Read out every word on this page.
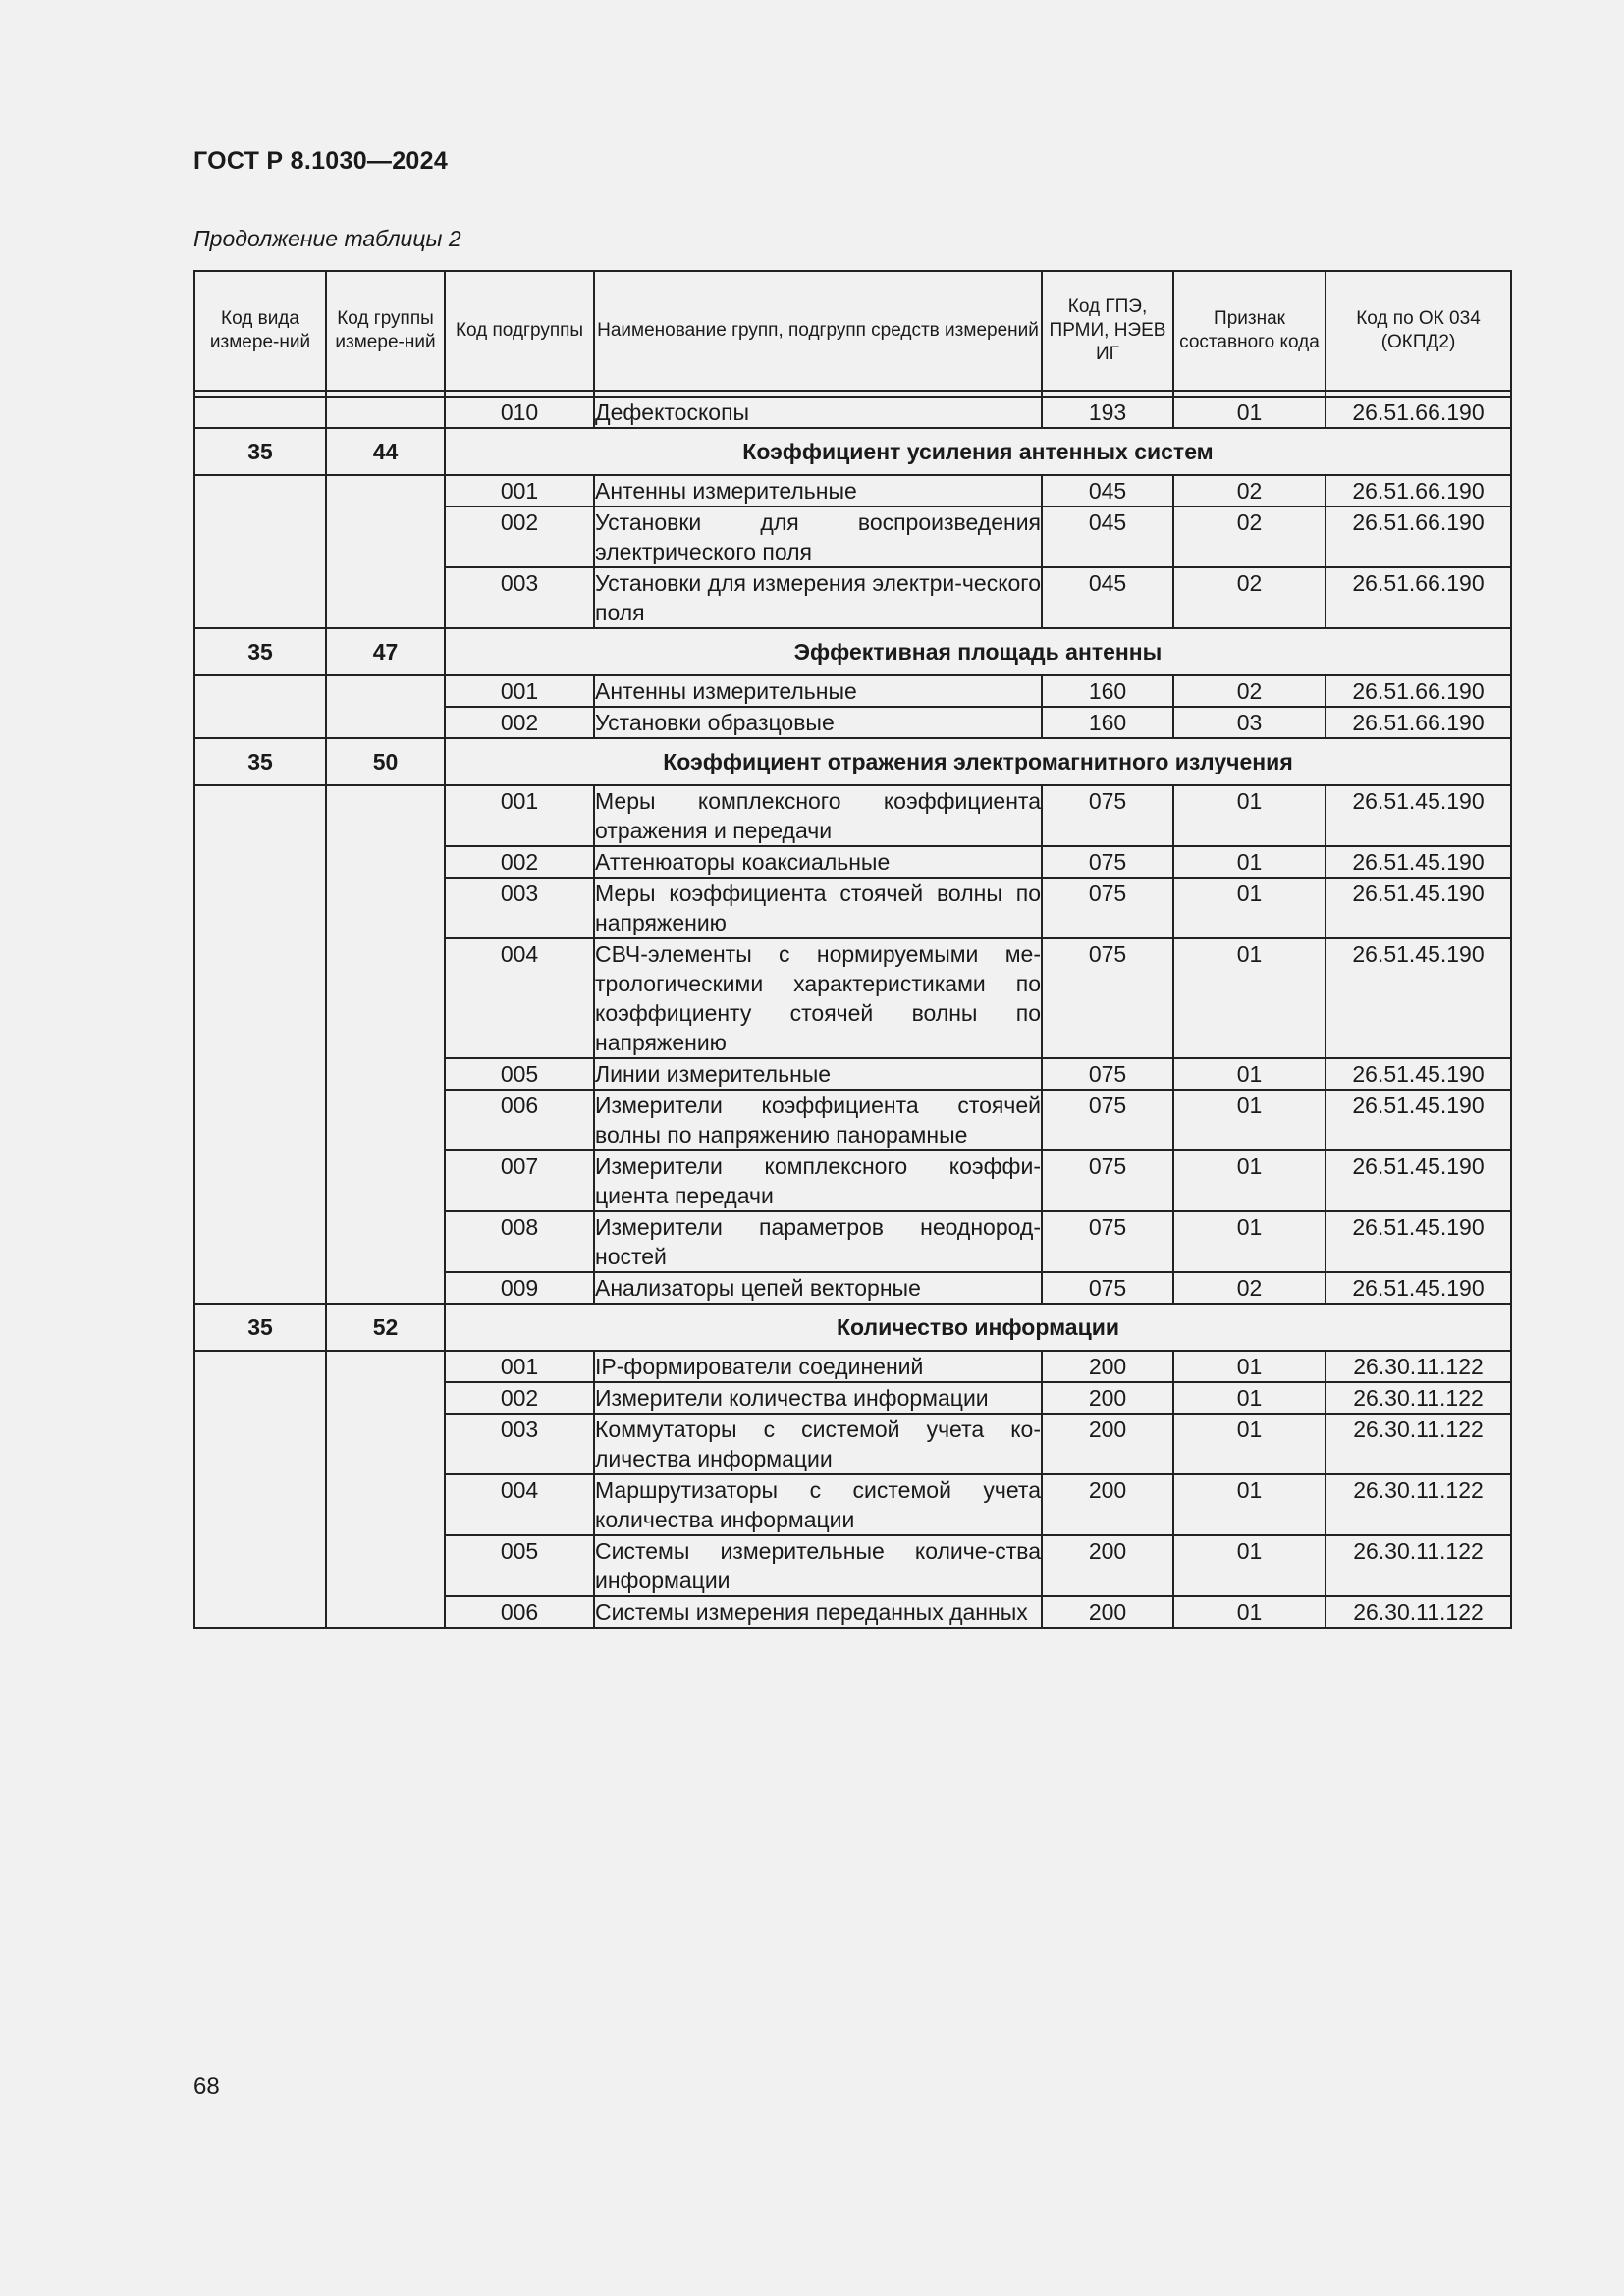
ГОСТ Р 8.1030—2024
Продолжение таблицы 2
Код вида измере-ний	Код группы измере-ний	Код подгруппы	Наименование групп, подгрупп средств измерений	Код ГПЭ, ПРМИ, НЭЕВ ИГ	Признак составного кода	Код по ОК 034 (ОКПД2)

		010	Дефектоскопы	193	01	26.51.66.190
35	44	Коэффициент усиления антенных систем				
		001	Антенны измерительные	045	02	26.51.66.190
		002	Установки для воспроизведения электрического поля	045	02	26.51.66.190
		003	Установки для измерения электри-ческого поля	045	02	26.51.66.190
35	47	Эффективная площадь антенны				
		001	Антенны измерительные	160	02	26.51.66.190
		002	Установки образцовые	160	03	26.51.66.190
35	50	Коэффициент отражения электромагнитного излучения				
		001	Меры комплексного коэффициента отражения и передачи	075	01	26.51.45.190
		002	Аттенюаторы коаксиальные	075	01	26.51.45.190
		003	Меры коэффициента стоячей волны по напряжению	075	01	26.51.45.190
		004	СВЧ-элементы с нормируемыми ме-трологическими характеристиками по коэффициенту стоячей волны по напряжению	075	01	26.51.45.190
		005	Линии измерительные	075	01	26.51.45.190
		006	Измерители коэффициента стоячей волны по напряжению панорамные	075	01	26.51.45.190
		007	Измерители комплексного коэффи-циента передачи	075	01	26.51.45.190
		008	Измерители параметров неоднород-ностей	075	01	26.51.45.190
		009	Анализаторы цепей векторные	075	02	26.51.45.190
35	52	Количество информации				
		001	IP-формирователи соединений	200	01	26.30.11.122
		002	Измерители количества информации	200	01	26.30.11.122
		003	Коммутаторы с системой учета ко-личества информации	200	01	26.30.11.122
		004	Маршрутизаторы с системой учета количества информации	200	01	26.30.11.122
		005	Системы измерительные количе-ства информации	200	01	26.30.11.122
		006	Системы измерения переданных данных	200	01	26.30.11.122
68
